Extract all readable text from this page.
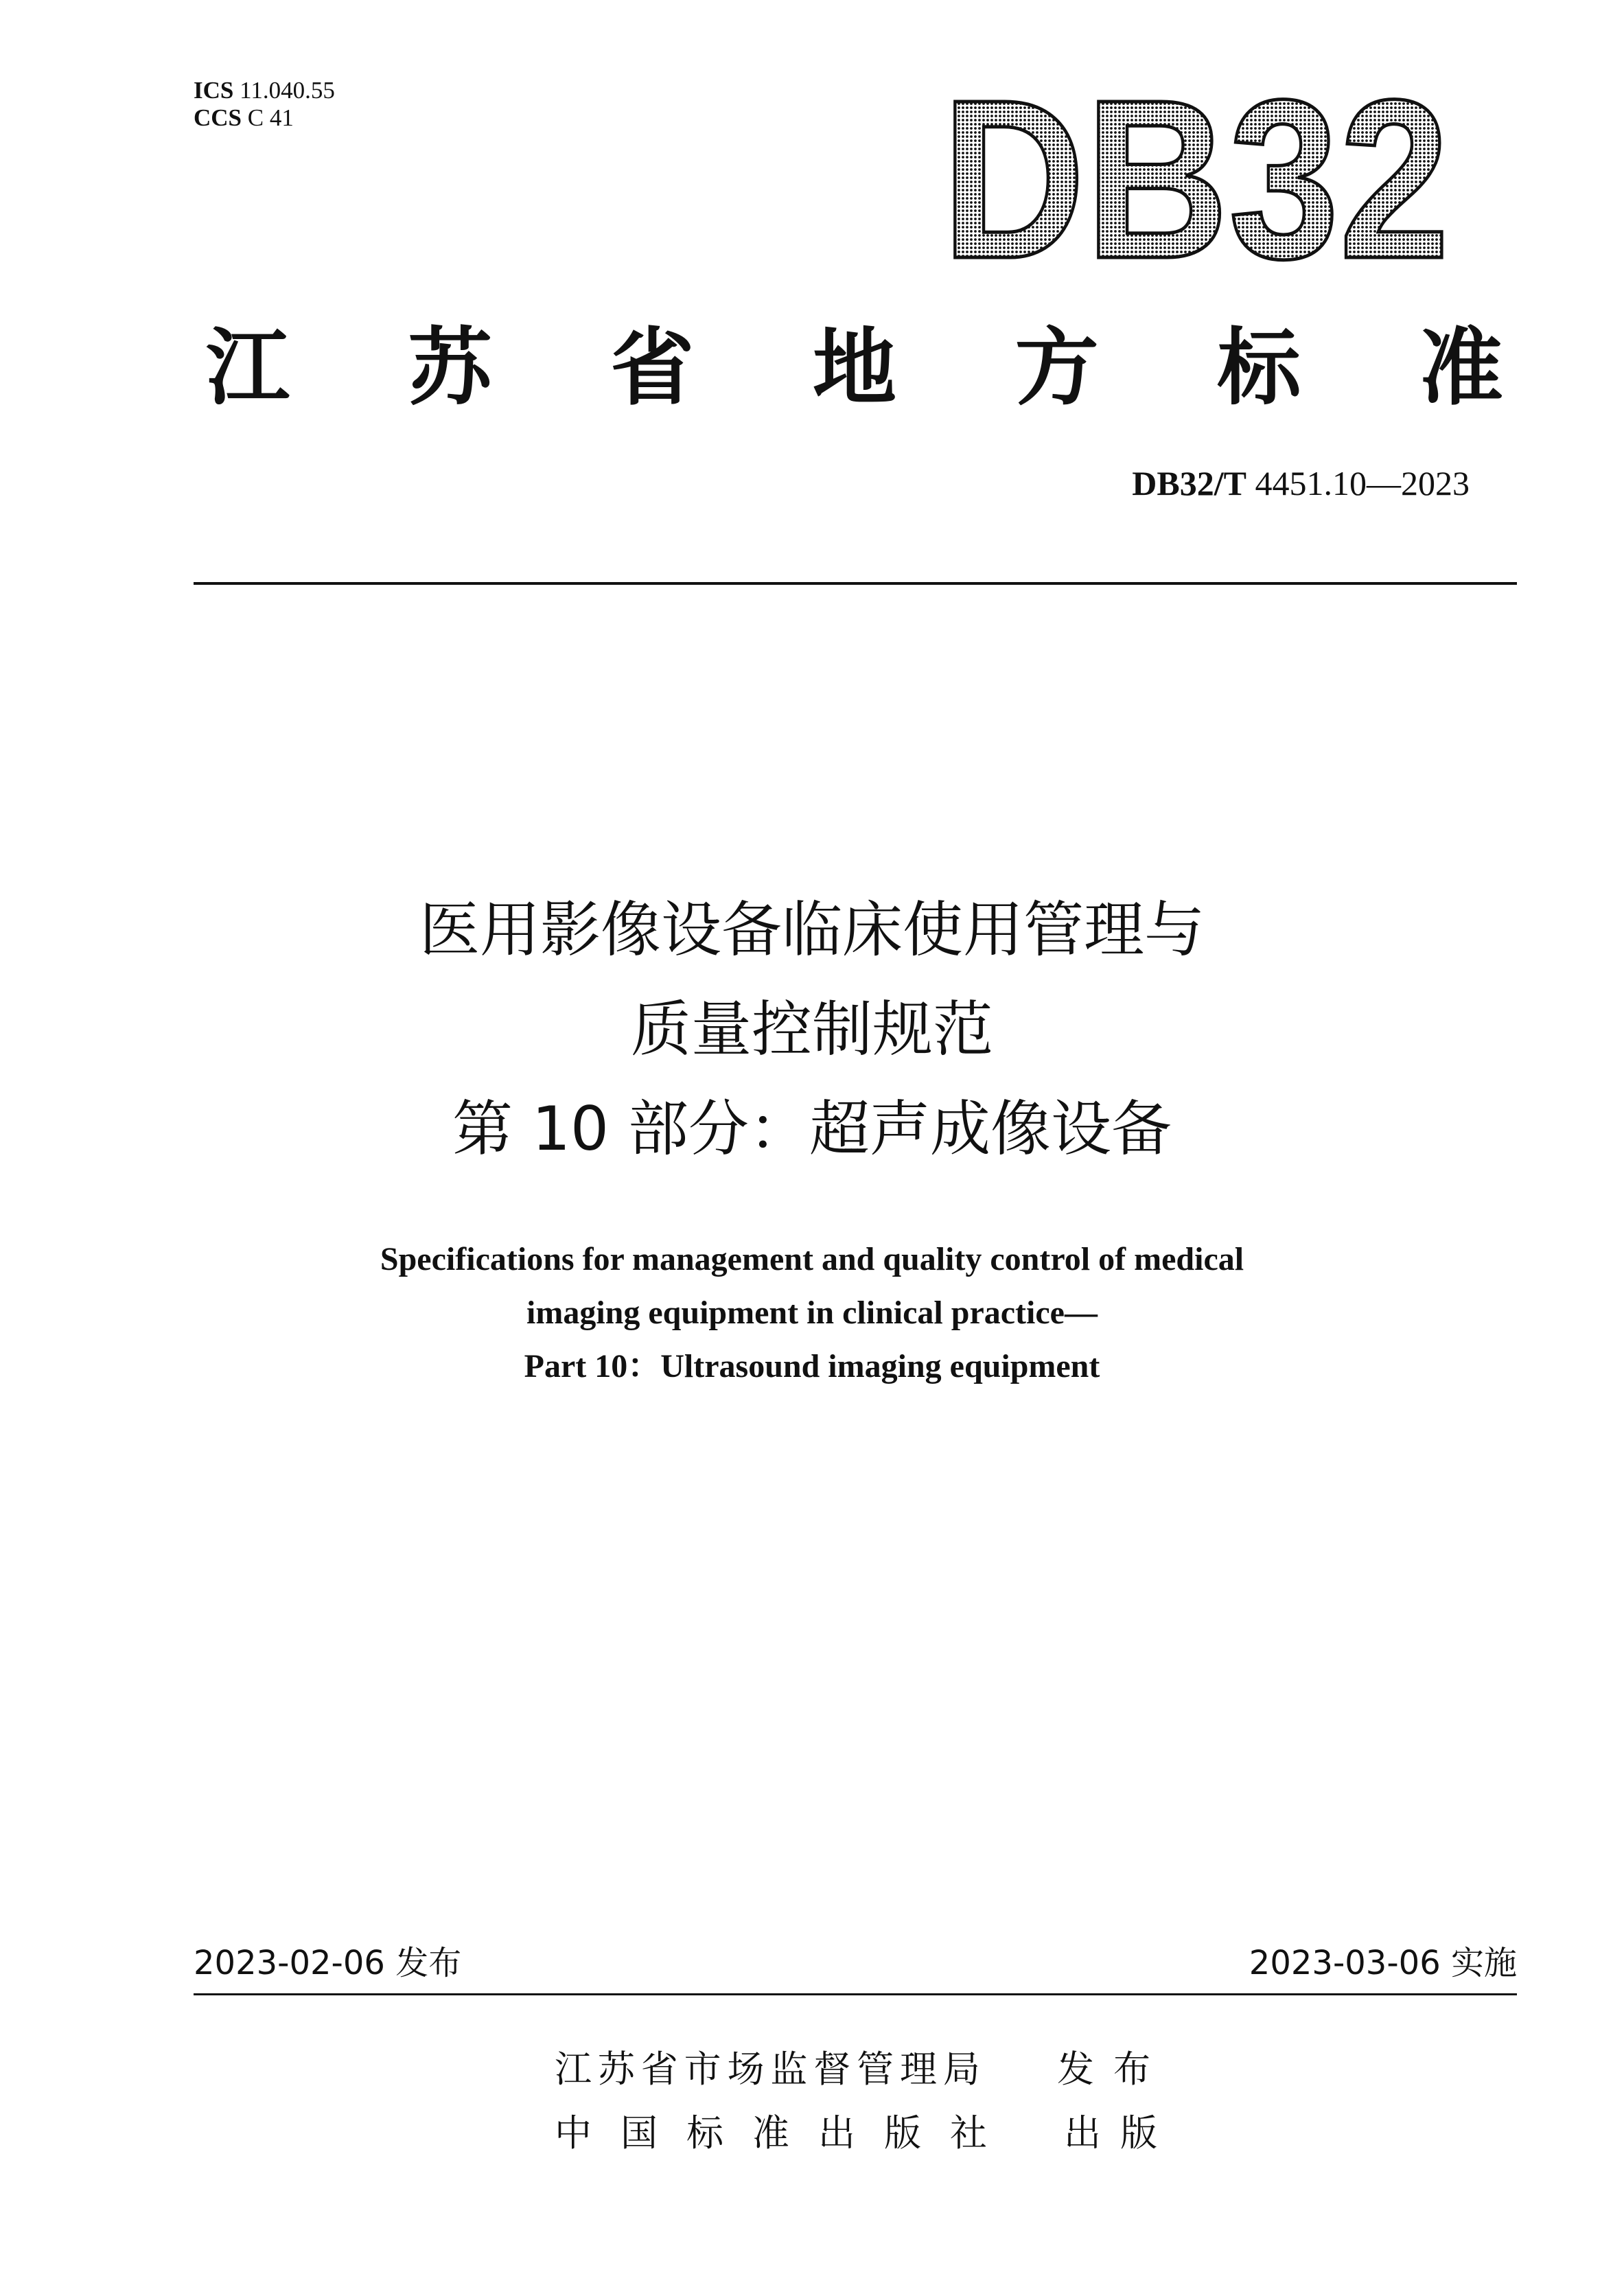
ICS 11.040.55
CCS C 41	DB32
江 苏 省 地 方 标 准
DB32/T 4451.10—2023
医用影像设备临床使用管理与
质量控制规范
第 10 部分：超声成像设备
Specifications for management and quality control of medical
imaging equipment in clinical practice—
Part 10：Ultrasound imaging equipment
2023-02-06 发布	2023-03-06 实施
江 苏 省 市 场 监 督 管 理 局 发 布
中 国 标 准 出 版 社 出 版
